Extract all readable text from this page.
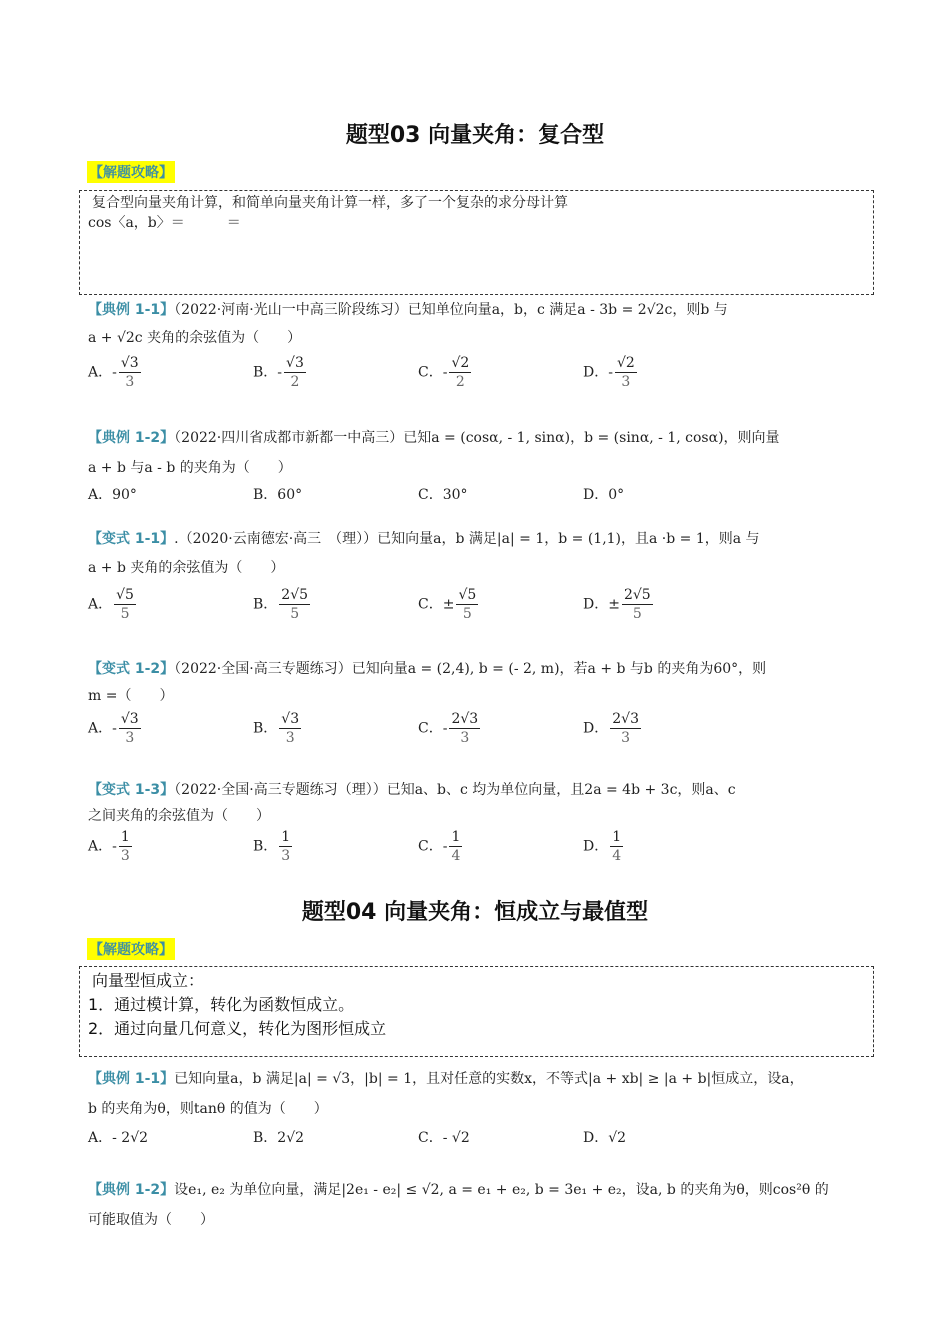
题型03 向量夹角：复合型
【解题攻略】
复合型向量夹角计算，和简单向量夹角计算一样，多了一个复杂的求分母计算
cos〈a，b〉＝　　　＝
【典例 1-1】（2022·河南·光山一中高三阶段练习）已知单位向量a，b，c 满足a - 3b = 2√2c，则b 与
a + √2c 夹角的余弦值为（　　）
A．- $\frac{√3}{3}$	B．- $\frac{√3}{2}$	C．- $\frac{√2}{2}$	D．- $\frac{√2}{3}$
【典例 1-2】（2022·四川省成都市新都一中高三）已知a = (cosα, - 1, sinα)，b = (sinα, - 1, cosα)，则向量
a + b 与a - b 的夹角为（　　）
A．90°	B．60°	C．30°	D．0°
【变式 1-1】.（2020·云南德宏·高三　（理））已知向量a，b 满足|a| = 1，b = (1,1)，且a ·b = 1，则a 与
a + b 夹角的余弦值为（　　）
A． $\frac{√5}{5}$	B． $\frac{2√5}{5}$	C．± $\frac{√5}{5}$	D．± $\frac{2√5}{5}$
【变式 1-2】（2022·全国·高三专题练习）已知向量a = (2,4), b = (- 2, m)，若a + b 与b 的夹角为60°，则
m =（　　）
A．- $\frac{√3}{3}$	B． $\frac{√3}{3}$	C．- $\frac{2√3}{3}$	D． $\frac{2√3}{3}$
【变式 1-3】（2022·全国·高三专题练习（理））已知a、b、c 均为单位向量，且2a = 4b + 3c，则a、c
之间夹角的余弦值为（　　）
A．- $\frac{1}{3}$	B． $\frac{1}{3}$	C．- $\frac{1}{4}$	D． $\frac{1}{4}$
题型04 向量夹角：恒成立与最值型
【解题攻略】
向量型恒成立：
1．通过模计算，转化为函数恒成立。
2．通过向量几何意义，转化为图形恒成立
【典例 1-1】已知向量a，b 满足|a| = √3，|b| = 1，且对任意的实数x，不等式|a + xb| ≥ |a + b|恒成立，设a，
b 的夹角为θ，则tanθ 的值为（　　）
A．- 2√2	B．2√2	C．- √2	D．√2
【典例 1-2】设e₁, e₂ 为单位向量，满足|2e₁ - e₂| ≤ √2, a = e₁ + e₂, b = 3e₁ + e₂，设a, b 的夹角为θ，则cos²θ 的
可能取值为（　　）
